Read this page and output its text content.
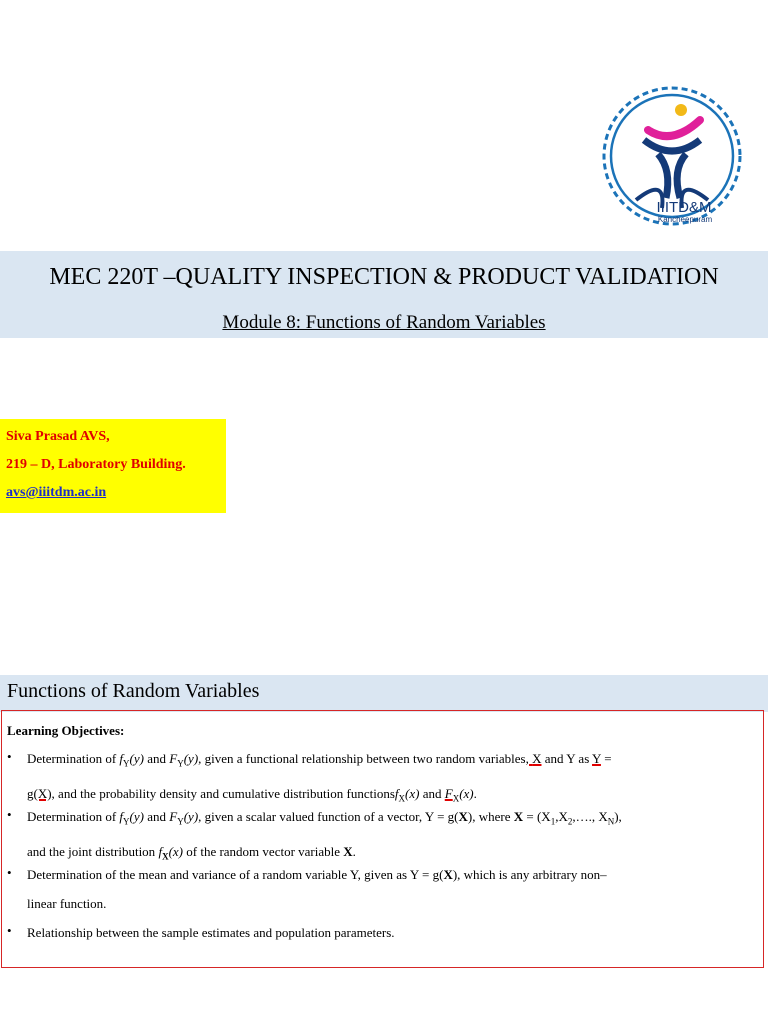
IIITD&M
Kancheepuram
MEC 220T –QUALITY INSPECTION & PRODUCT VALIDATION
Module 8: Functions of Random Variables
Siva Prasad AVS,
219 – D, Laboratory Building.
avs@iiitdm.ac.in
Functions of Random Variables
Learning Objectives:
• Determination of $f_Y(y)$ and $F_Y(y)$, given a functional relationship between two random variables, X and Y as Y =
g(X), and the probability density and cumulative distribution functionsf$_X$(x) and $F_X(x)$.
• Determination of $f_Y(y)$ and $F_Y(y)$, given a scalar valued function of a vector, Y = g(X), where $X = (X_1,X_2,\dots$., $X_N$),
and the joint distribution $f_X(x)$ of the random vector variable X.
• Determination of the mean and variance of a random variable Y, given as Y = g(X), which is any arbitrary non–
linear function.
• Relationship between the sample estimates and population parameters.
